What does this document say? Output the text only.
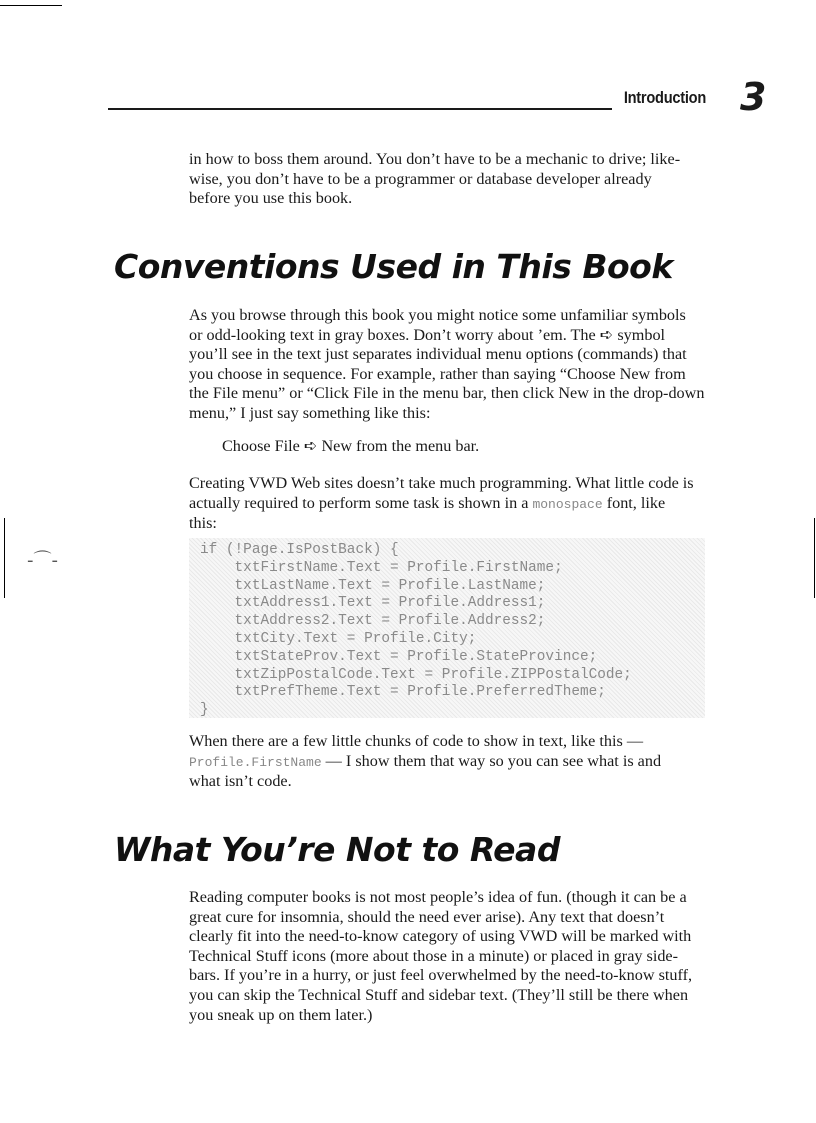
-⌒-
Introduction 3
in how to boss them around. You don’t have to be a mechanic to drive; like-
wise, you don’t have to be a programmer or database developer already
before you use this book.
Conventions Used in This Book
As you browse through this book you might notice some unfamiliar symbols
or odd-looking text in gray boxes. Don’t worry about ’em. The ➪ symbol
you’ll see in the text just separates individual menu options (commands) that
you choose in sequence. For example, rather than saying “Choose New from
the File menu” or “Click File in the menu bar, then click New in the drop-down
menu,” I just say something like this:
Choose File ➪ New from the menu bar.
Creating VWD Web sites doesn’t take much programming. What little code is
actually required to perform some task is shown in a monospace font, like
this:
if (!Page.IsPostBack) {
txtFirstName.Text = Profile.FirstName;
txtLastName.Text = Profile.LastName;
txtAddress1.Text = Profile.Address1;
txtAddress2.Text = Profile.Address2;
txtCity.Text = Profile.City;
txtStateProv.Text = Profile.StateProvince;
txtZipPostalCode.Text = Profile.ZIPPostalCode;
txtPrefTheme.Text = Profile.PreferredTheme;
}
When there are a few little chunks of code to show in text, like this —
Profile.FirstName — I show them that way so you can see what is and
what isn’t code.
What You’re Not to Read
Reading computer books is not most people’s idea of fun. (though it can be a
great cure for insomnia, should the need ever arise). Any text that doesn’t
clearly fit into the need-to-know category of using VWD will be marked with
Technical Stuff icons (more about those in a minute) or placed in gray side-
bars. If you’re in a hurry, or just feel overwhelmed by the need-to-know stuff,
you can skip the Technical Stuff and sidebar text. (They’ll still be there when
you sneak up on them later.)
